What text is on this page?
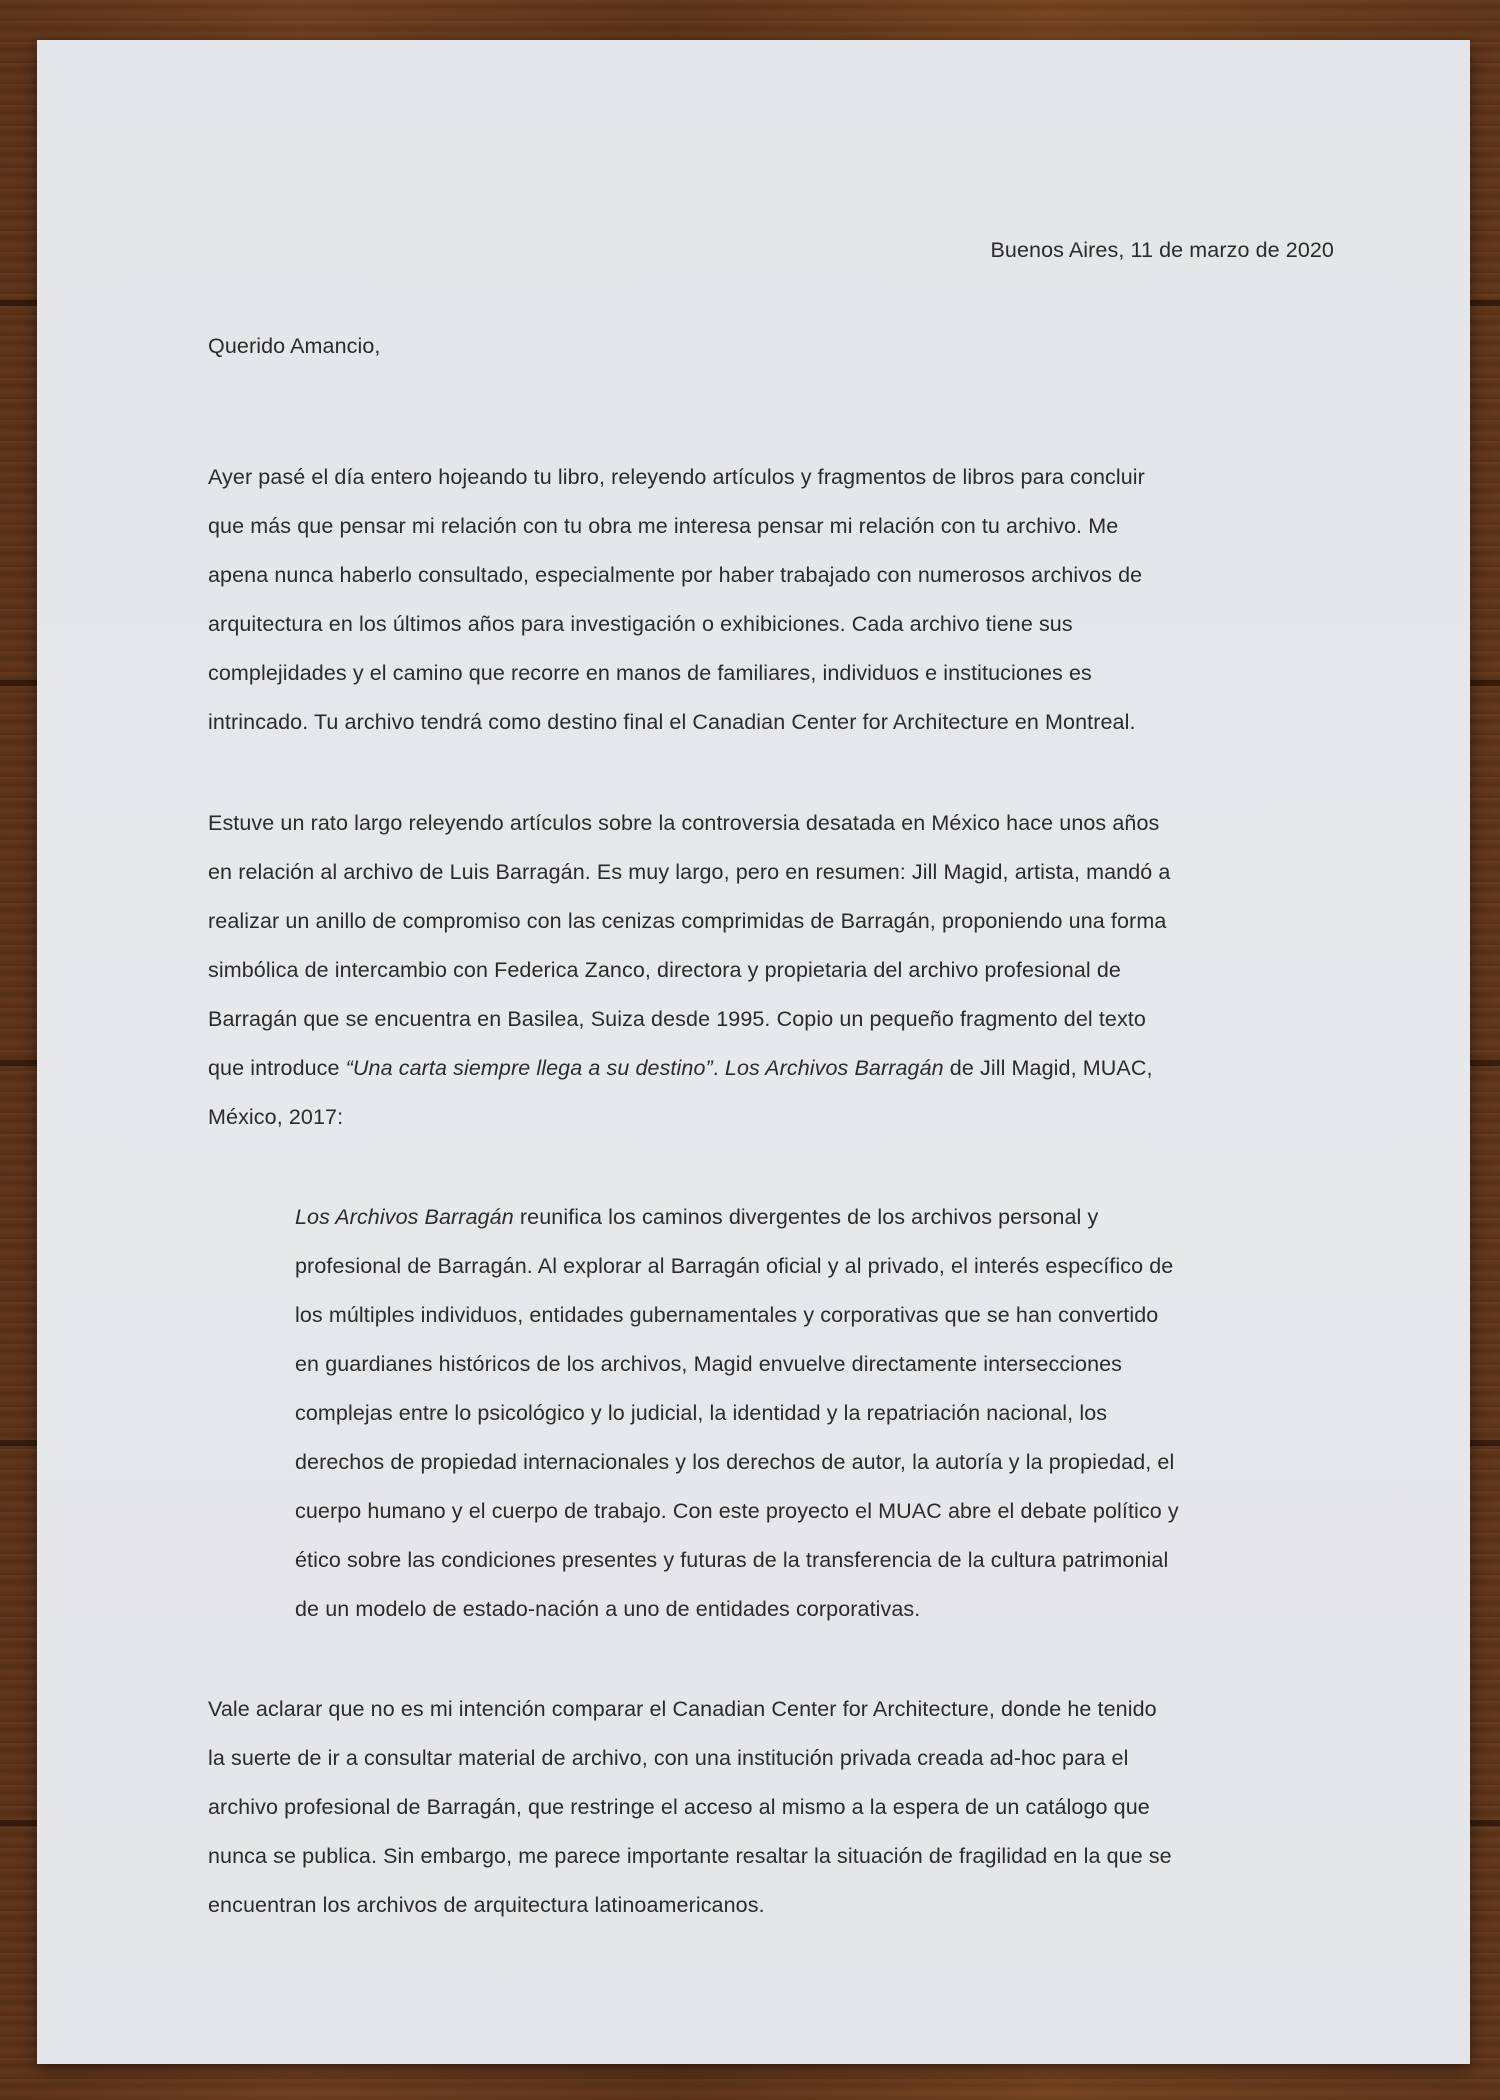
Buenos Aires, 11 de marzo de 2020
Querido Amancio,

Ayer pasé el día entero hojeando tu libro, releyendo artículos y fragmentos de libros para concluir
que más que pensar mi relación con tu obra me interesa pensar mi relación con tu archivo. Me
apena nunca haberlo consultado, especialmente por haber trabajado con numerosos archivos de
arquitectura en los últimos años para investigación o exhibiciones. Cada archivo tiene sus
complejidades y el camino que recorre en manos de familiares, individuos e instituciones es
intrincado. Tu archivo tendrá como destino final el Canadian Center for Architecture en Montreal.

Estuve un rato largo releyendo artículos sobre la controversia desatada en México hace unos años
en relación al archivo de Luis Barragán. Es muy largo, pero en resumen: Jill Magid, artista, mandó a
realizar un anillo de compromiso con las cenizas comprimidas de Barragán, proponiendo una forma
simbólica de intercambio con Federica Zanco, directora y propietaria del archivo profesional de
Barragán que se encuentra en Basilea, Suiza desde 1995. Copio un pequeño fragmento del texto
que introduce “Una carta siempre llega a su destino”. Los Archivos Barragán de Jill Magid, MUAC,
México, 2017:

Los Archivos Barragán reunifica los caminos divergentes de los archivos personal y
profesional de Barragán. Al explorar al Barragán oficial y al privado, el interés específico de
los múltiples individuos, entidades gubernamentales y corporativas que se han convertido
en guardianes históricos de los archivos, Magid envuelve directamente intersecciones
complejas entre lo psicológico y lo judicial, la identidad y la repatriación nacional, los
derechos de propiedad internacionales y los derechos de autor, la autoría y la propiedad, el
cuerpo humano y el cuerpo de trabajo. Con este proyecto el MUAC abre el debate político y
ético sobre las condiciones presentes y futuras de la transferencia de la cultura patrimonial
de un modelo de estado-nación a uno de entidades corporativas.

Vale aclarar que no es mi intención comparar el Canadian Center for Architecture, donde he tenido
la suerte de ir a consultar material de archivo, con una institución privada creada ad-hoc para el
archivo profesional de Barragán, que restringe el acceso al mismo a la espera de un catálogo que
nunca se publica. Sin embargo, me parece importante resaltar la situación de fragilidad en la que se
encuentran los archivos de arquitectura latinoamericanos.
